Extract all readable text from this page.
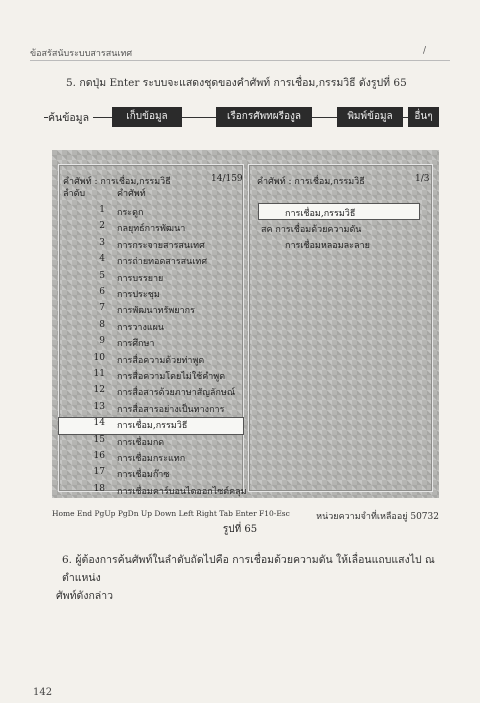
ข้อสรัสนับระบบสารสนเทศ	/
5. กดปุ่ม Enter ระบบจะแสดงชุดของคำศัพท์ การเชื่อม,กรรมวิธี ดังรูปที่ 65
ค้นข้อมูล	เก็บข้อมูล	เรือกรศัพทผรีองูล	พิมพ์ข้อมูล	อื่นๆ
คำศัพท์ : การเชื่อม,กรรมวิธี	14/159
ลำดับ	คำศัพท์
1 กระดูก
2 กลยุทธ์การพัฒนา
3 การกระจายสารสนเทศ
4 การถ่ายทอดสารสนเทศ
5 การบรรยาย
6 การประชุม
7 การพัฒนาทรัพยากร
8 การวางแผน
9 การศึกษา
10 การสื่อความด้วยท่าพูด
11 การสื่อความโดยไม่ใช้คำพูด
12 การสื่อสารด้วยภาษาสัญลักษณ์
13 การสื่อสารอย่างเป็นทางการ
14 การเชื่อม,กรรมวิธี
15 การเชื่อมกด
16 การเชื่อมกระแทก
17 การเชื่อมก๊าซ
18 การเชื่อมคาร์บอนไดออกไซด์คลุม
คำศัพท์ : การเชื่อม,กรรมวิธี	1/3
การเชื่อม,กรรมวิธี
สค การเชื่อมด้วยความดัน
การเชื่อมหลอมละลาย
Home End PgUp PgDn Up Down Left Right Tab Enter F10-Esc	หน่วยความจำที่เหลืออยู่ 50732
รูปที่ 65
6. ผู้ต้องการค้นศัพท์ในลำดับถัดไปคือ การเชื่อมด้วยความดัน ให้เลื่อนแถบแสงไป ณ ตำแหน่ง
ศัพท์ดังกล่าว
142
